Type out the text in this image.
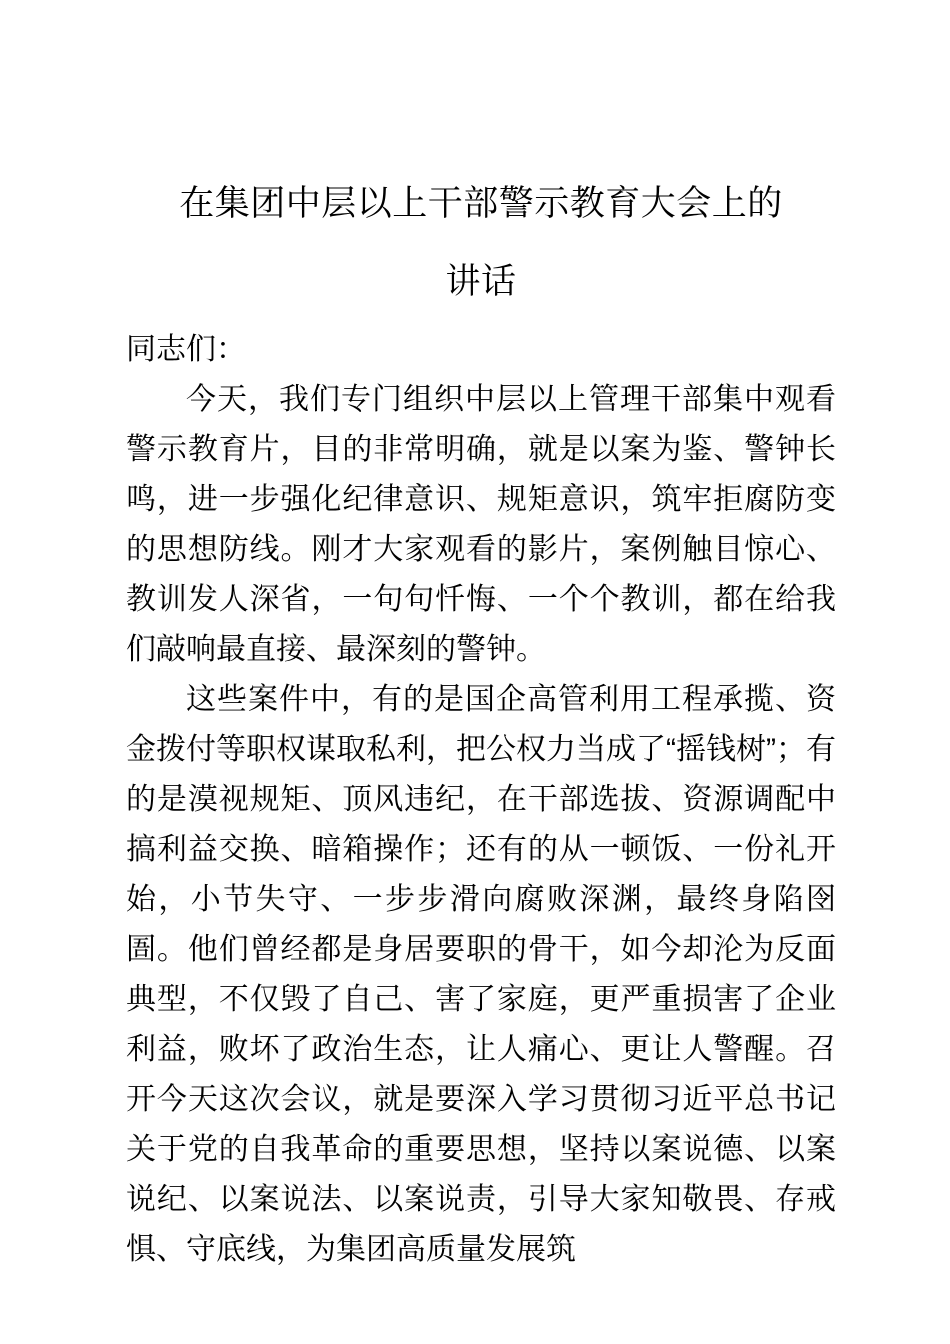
在集团中层以上干部警示教育大会上的
讲话

同志们：

今天，我们专门组织中层以上管理干部集中观看警示教育片，目的非常明确，就是以案为鉴、警钟长鸣，进一步强化纪律意识、规矩意识，筑牢拒腐防变的思想防线。刚才大家观看的影片，案例触目惊心、教训发人深省，一句句忏悔、一个个教训，都在给我们敲响最直接、最深刻的警钟。

这些案件中，有的是国企高管利用工程承揽、资金拨付等职权谋取私利，把公权力当成了“摇钱树”；有的是漠视规矩、顶风违纪，在干部选拔、资源调配中搞利益交换、暗箱操作；还有的从一顿饭、一份礼开始，小节失守、一步步滑向腐败深渊，最终身陷囹圄。他们曾经都是身居要职的骨干，如今却沦为反面典型，不仅毁了自己、害了家庭，更严重损害了企业利益，败坏了政治生态，让人痛心、更让人警醒。召开今天这次会议，就是要深入学习贯彻习近平总书记关于党的自我革命的重要思想，坚持以案说德、以案说纪、以案说法、以案说责，引导大家知敬畏、存戒惧、守底线，为集团高质量发展筑
